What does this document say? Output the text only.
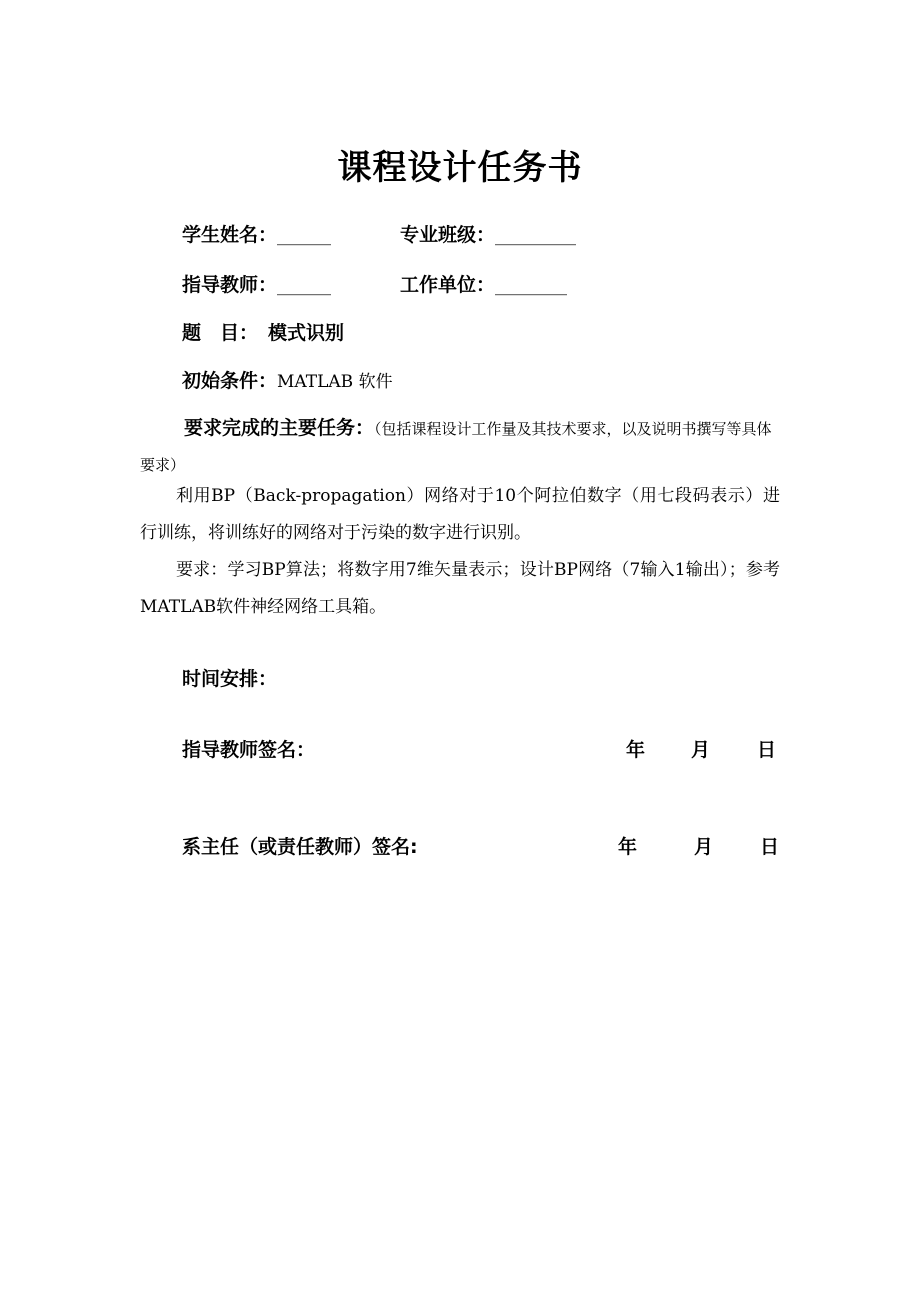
课程设计任务书
学生姓名：______	专业班级：_________
指导教师：______	工作单位：________
题　目： 模式识别
初始条件：MATLAB 软件
要求完成的主要任务：（包括课程设计工作量及其技术要求，以及说明书撰写等具体要求）
利用BP（Back-propagation）网络对于10个阿拉伯数字（用七段码表示）进行训练，将训练好的网络对于污染的数字进行识别。
要求：学习BP算法；将数字用7维矢量表示；设计BP网络（7输入1输出）；参考MATLAB软件神经网络工具箱。
时间安排：
指导教师签名：	年 月 日
系主任（或责任教师）签名:	年	月 日
